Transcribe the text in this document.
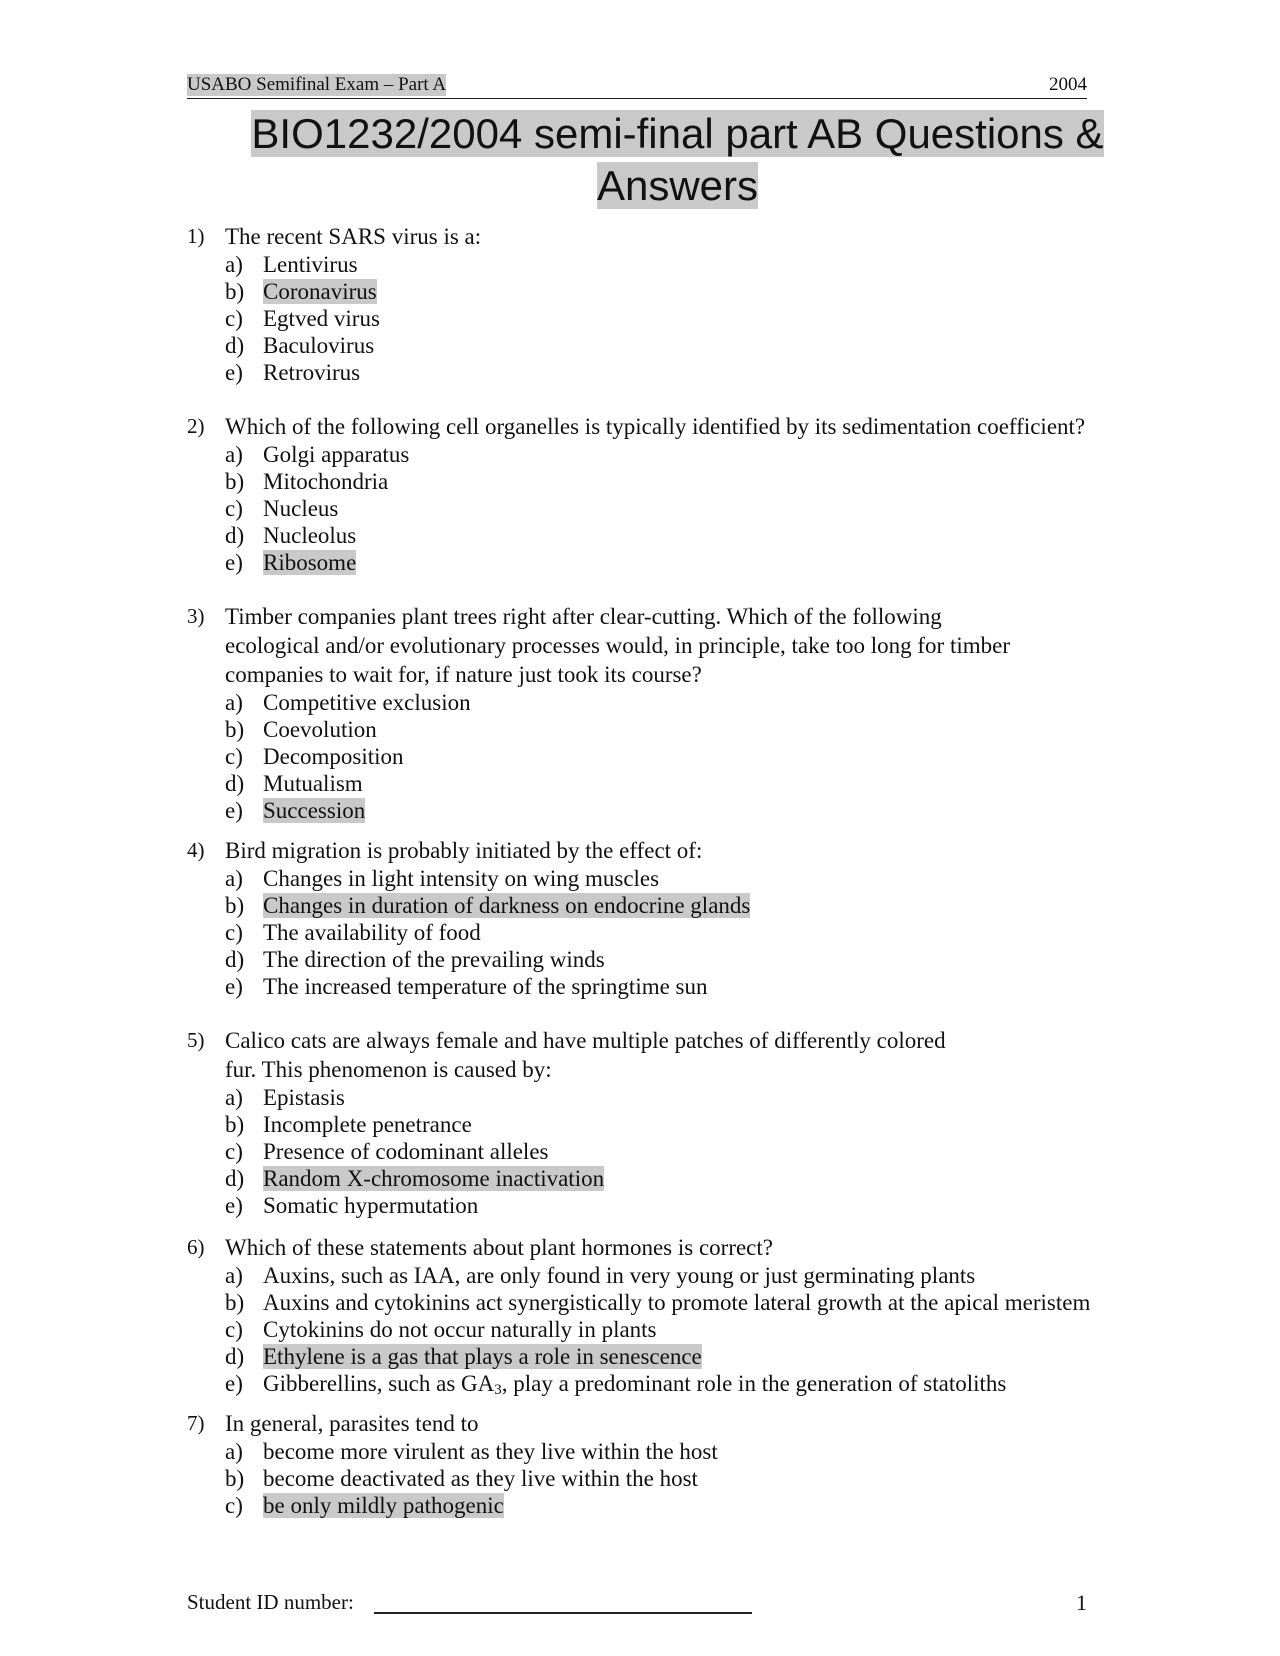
USABO Semifinal Exam – Part A	2004
BIO1232/2004 semi-final part AB Questions &
Answers
1) The recent SARS virus is a:
a) Lentivirus
b) Coronavirus
c) Egtved virus
d) Baculovirus
e) Retrovirus
2) Which of the following cell organelles is typically identified by its sedimentation coefficient?
a) Golgi apparatus
b) Mitochondria
c) Nucleus
d) Nucleolus
e) Ribosome
3) Timber companies plant trees right after clear-cutting. Which of the following
ecological and/or evolutionary processes would, in principle, take too long for timber
companies to wait for, if nature just took its course?
a) Competitive exclusion
b) Coevolution
c) Decomposition
d) Mutualism
e) Succession
4) Bird migration is probably initiated by the effect of:
a) Changes in light intensity on wing muscles
b) Changes in duration of darkness on endocrine glands
c) The availability of food
d) The direction of the prevailing winds
e) The increased temperature of the springtime sun
5) Calico cats are always female and have multiple patches of differently colored
fur. This phenomenon is caused by:
a) Epistasis
b) Incomplete penetrance
c) Presence of codominant alleles
d) Random X-chromosome inactivation
e) Somatic hypermutation
6) Which of these statements about plant hormones is correct?
a) Auxins, such as IAA, are only found in very young or just germinating plants
b) Auxins and cytokinins act synergistically to promote lateral growth at the apical meristem
c) Cytokinins do not occur naturally in plants
d) Ethylene is a gas that plays a role in senescence
e) Gibberellins, such as $GA_3$, play a predominant role in the generation of statoliths
7) In general, parasites tend to
a) become more virulent as they live within the host
b) become deactivated as they live within the host
c) be only mildly pathogenic
Student ID number:	1
